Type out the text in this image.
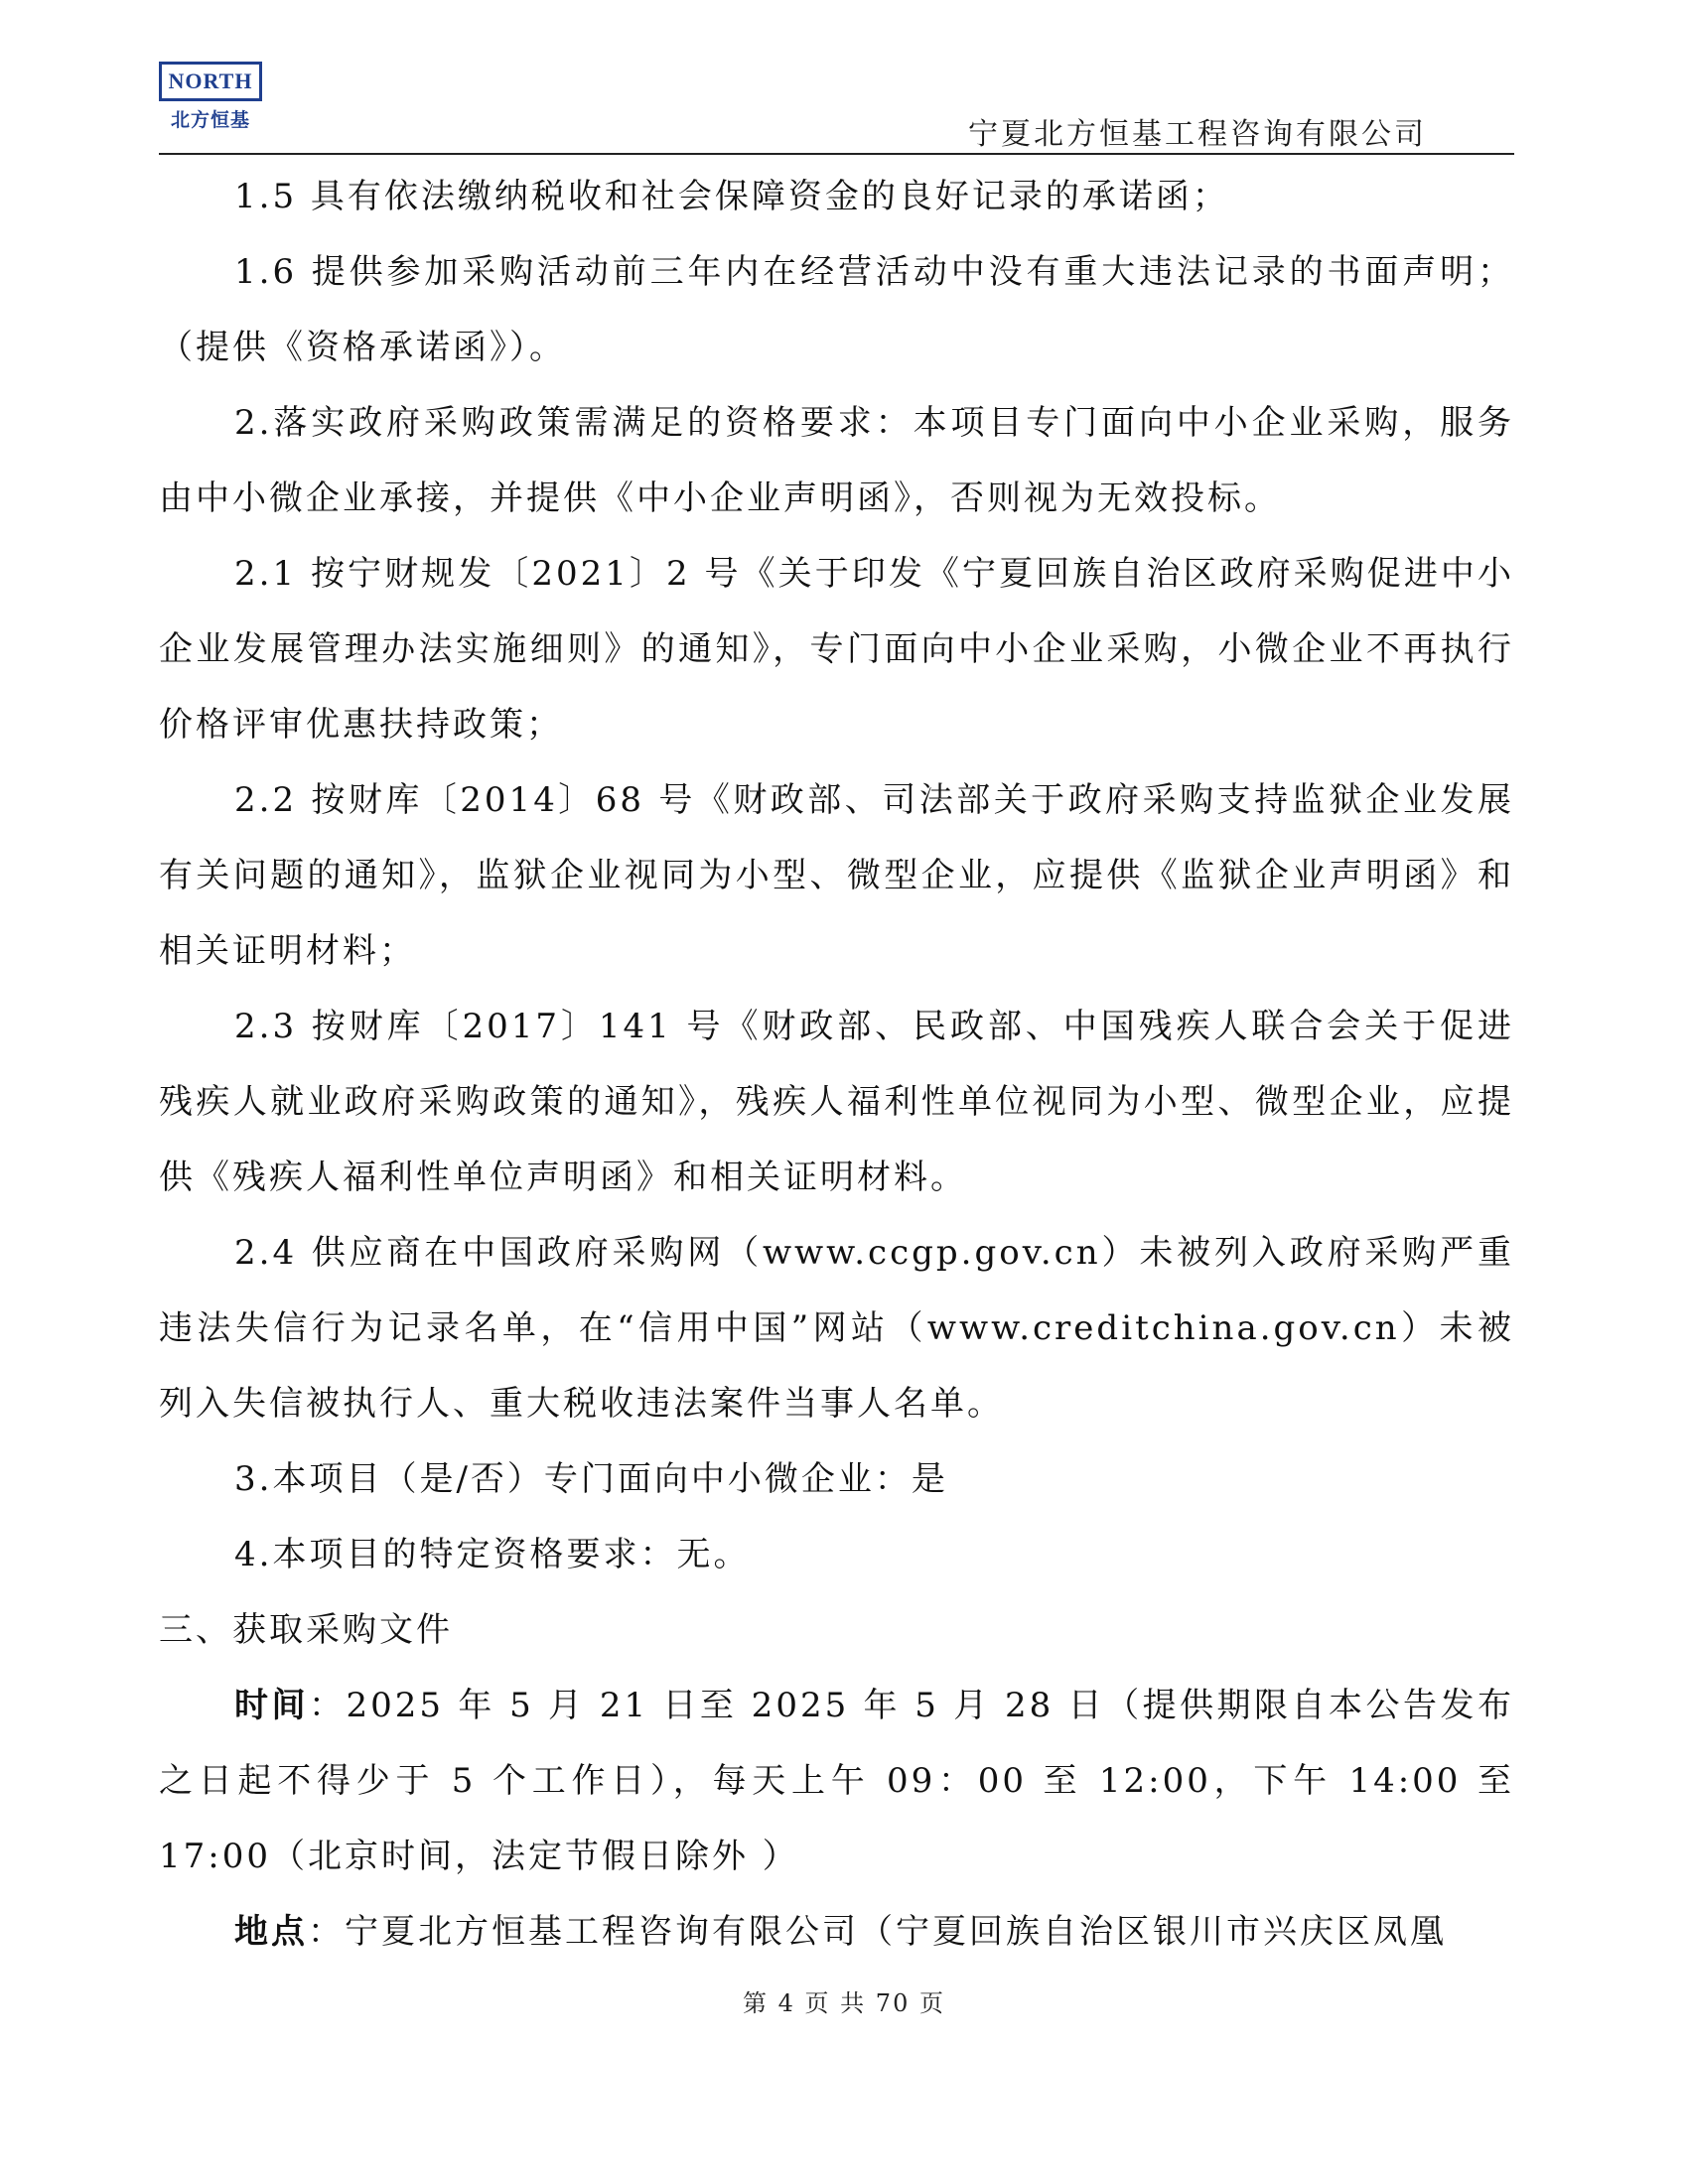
NORTH
北方恒基	宁夏北方恒基工程咨询有限公司

1.5 具有依法缴纳税收和社会保障资金的良好记录的承诺函；

1.6 提供参加采购活动前三年内在经营活动中没有重大违法记录的书面声明；（提供《资格承诺函》）。

2.落实政府采购政策需满足的资格要求：本项目专门面向中小企业采购，服务由中小微企业承接，并提供《中小企业声明函》，否则视为无效投标。

2.1 按宁财规发〔2021〕2 号《关于印发《宁夏回族自治区政府采购促进中小企业发展管理办法实施细则》的通知》，专门面向中小企业采购，小微企业不再执行价格评审优惠扶持政策；

2.2 按财库〔2014〕68 号《财政部、司法部关于政府采购支持监狱企业发展有关问题的通知》，监狱企业视同为小型、微型企业，应提供《监狱企业声明函》和相关证明材料；

2.3 按财库〔2017〕141 号《财政部、民政部、中国残疾人联合会关于促进残疾人就业政府采购政策的通知》，残疾人福利性单位视同为小型、微型企业，应提供《残疾人福利性单位声明函》和相关证明材料。

2.4 供应商在中国政府采购网（www.ccgp.gov.cn）未被列入政府采购严重违法失信行为记录名单，在“信用中国”网站（www.creditchina.gov.cn）未被列入失信被执行人、重大税收违法案件当事人名单。

3.本项目（是/否）专门面向中小微企业：是

4.本项目的特定资格要求：无。

三、获取采购文件

时间：2025 年 5 月 21 日至 2025 年 5 月 28 日（提供期限自本公告发布之日起不得少于 5 个工作日），每天上午 09：00 至 12:00，下午 14:00 至 17:00（北京时间，法定节假日除外 ）

地点：宁夏北方恒基工程咨询有限公司（宁夏回族自治区银川市兴庆区凤凰

第 4 页 共 70 页
